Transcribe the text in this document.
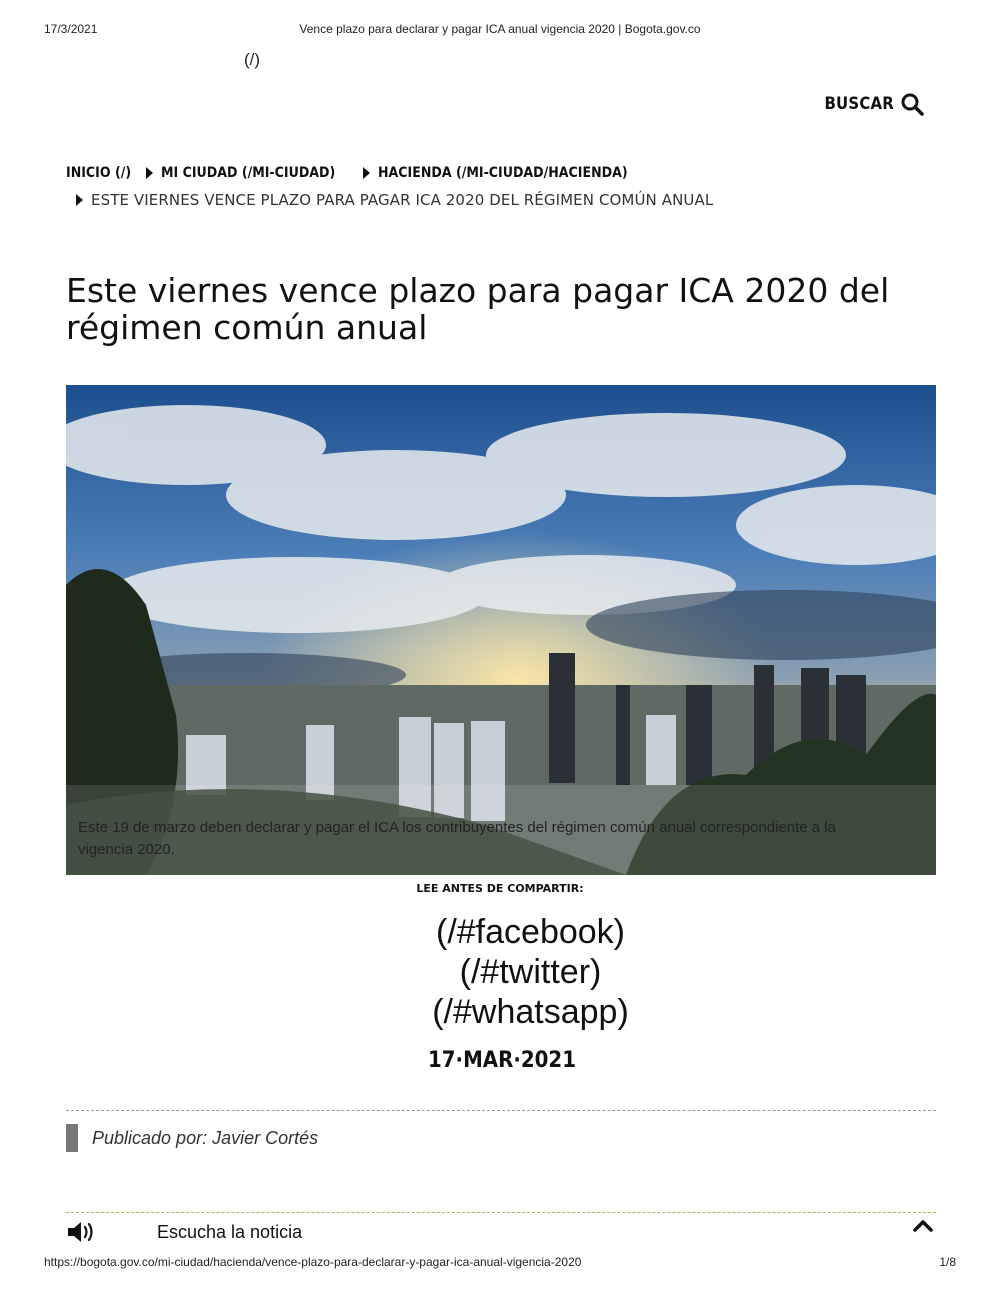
17/3/2021	Vence plazo para declarar y pagar ICA anual vigencia 2020 | Bogota.gov.co
(/)
BUSCAR
INICIO (/) MI CIUDAD (/MI-CIUDAD)	HACIENDA (/MI-CIUDAD/HACIENDA)
ESTE VIERNES VENCE PLAZO PARA PAGAR ICA 2020 DEL RÉGIMEN COMÚN ANUAL
Este viernes vence plazo para pagar ICA 2020 del régimen común anual
Este 19 de marzo deben declarar y pagar el ICA los contribuyentes del régimen común anual correspondiente a la vigencia 2020.
LEE ANTES DE COMPARTIR:
(/#facebook)
(/#twitter)
(/#whatsapp)
17·MAR·2021
Publicado por: Javier Cortés
Escucha la noticia
https://bogota.gov.co/mi-ciudad/hacienda/vence-plazo-para-declarar-y-pagar-ica-anual-vigencia-2020	1/8
